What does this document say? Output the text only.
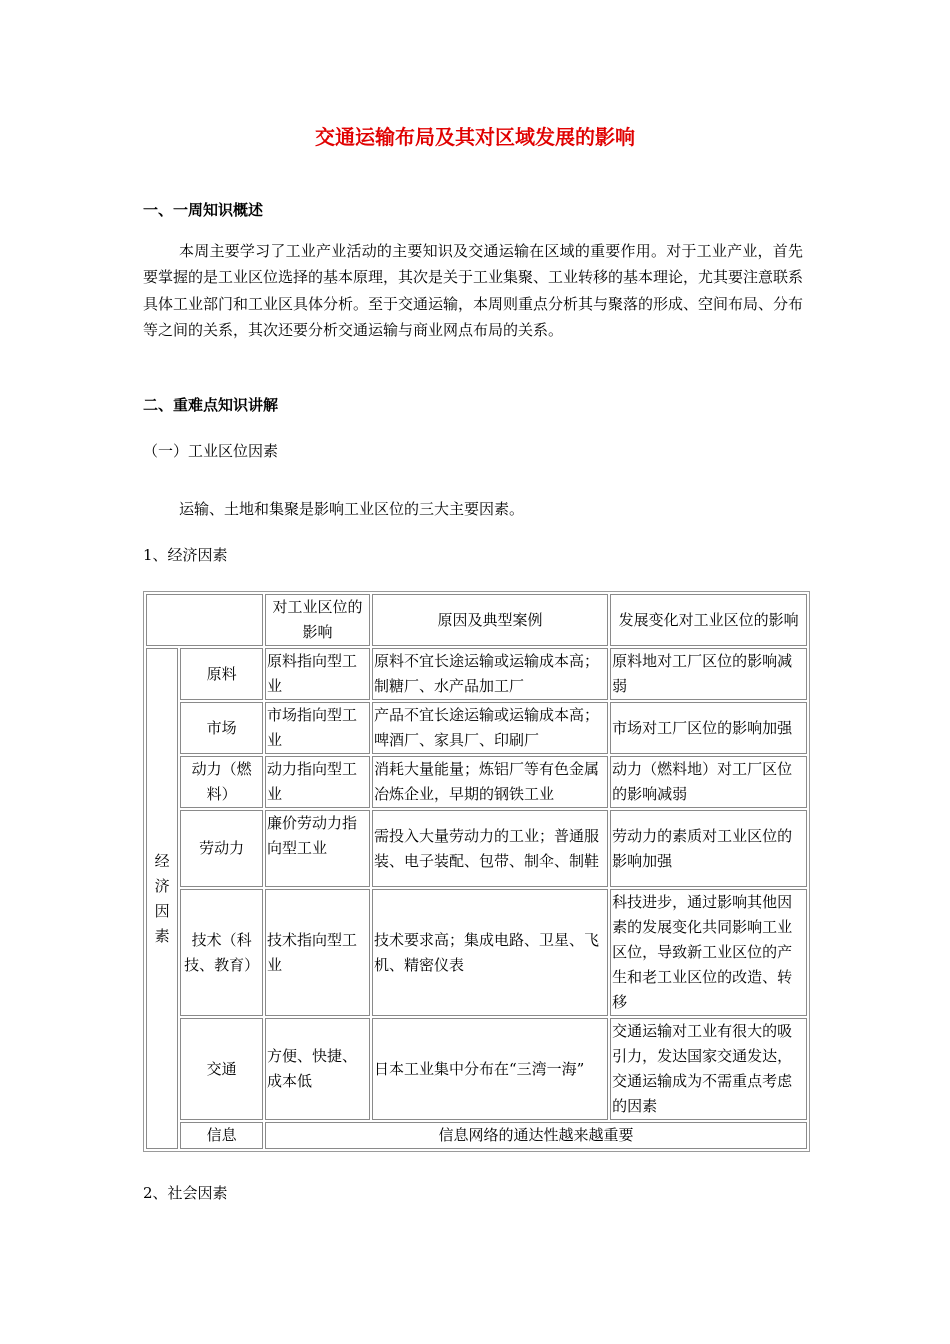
交通运输布局及其对区域发展的影响
一、一周知识概述
本周主要学习了工业产业活动的主要知识及交通运输在区域的重要作用。对于工业产业，首先要掌握的是工业区位选择的基本原理，其次是关于工业集聚、工业转移的基本理论，尤其要注意联系具体工业部门和工业区具体分析。至于交通运输，本周则重点分析其与聚落的形成、空间布局、分布等之间的关系，其次还要分析交通运输与商业网点布局的关系。
二、重难点知识讲解
（一）工业区位因素
运输、土地和集聚是影响工业区位的三大主要因素。
1、经济因素
		对工业区位的影响	原因及典型案例	发展变化对工业区位的影响
经济因素	原料	原料指向型工业	原料不宜长途运输或运输成本高；制糖厂、水产品加工厂	原料地对工厂区位的影响减弱
	市场	市场指向型工业	产品不宜长途运输或运输成本高；啤酒厂、家具厂、印刷厂	市场对工厂区位的影响加强
	动力（燃料）	动力指向型工业	消耗大量能量；炼铝厂等有色金属冶炼企业，早期的钢铁工业	动力（燃料地）对工厂区位的影响减弱
	劳动力	廉价劳动力指向型工业	需投入大量劳动力的工业；普通服装、电子装配、包带、制伞、制鞋	劳动力的素质对工业区位的影响加强
	技术（科技、教育）	技术指向型工业	技术要求高；集成电路、卫星、飞机、精密仪表	科技进步，通过影响其他因素的发展变化共同影响工业区位，导致新工业区位的产生和老工业区位的改造、转移
	交通	方便、快捷、成本低	日本工业集中分布在“三湾一海”	交通运输对工业有很大的吸引力，发达国家交通发达，交通运输成为不需重点考虑的因素
	信息	信息网络的通达性越来越重要		
2、社会因素
